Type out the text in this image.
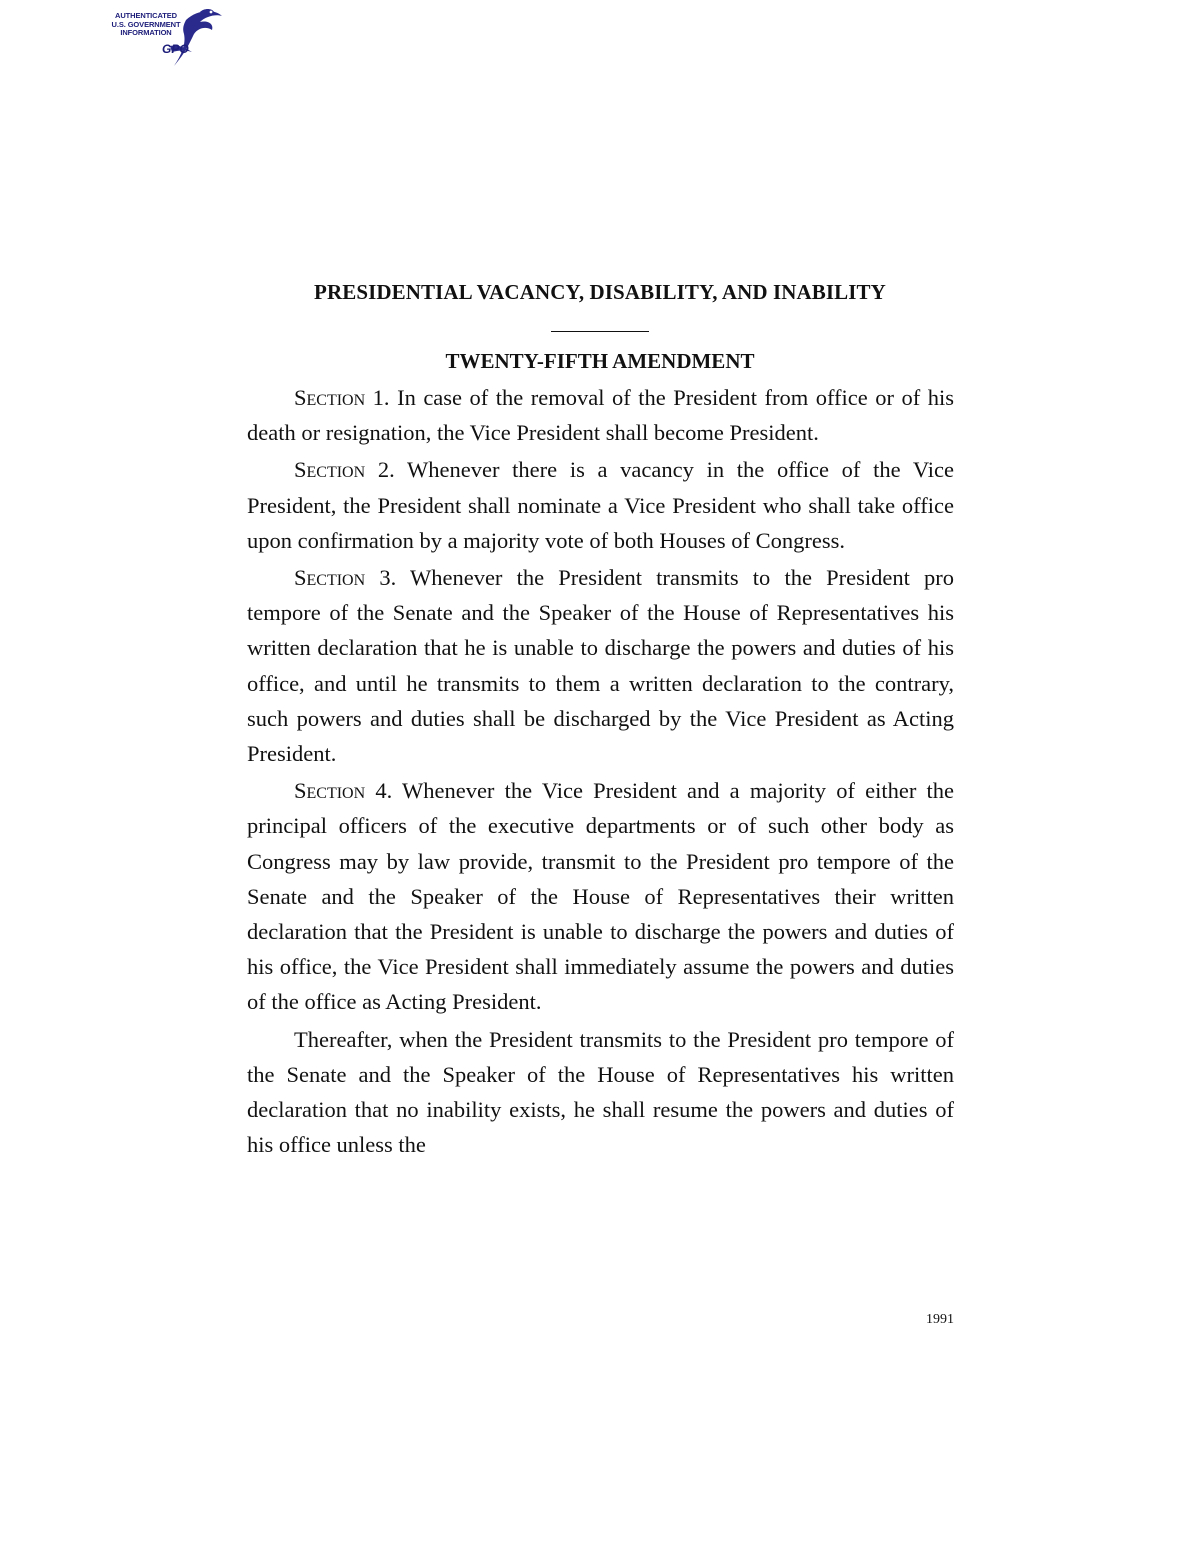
AUTHENTICATED
U.S. GOVERNMENT
INFORMATION
GPO
PRESIDENTIAL VACANCY, DISABILITY, AND INABILITY
TWENTY-FIFTH AMENDMENT

Section 1. In case of the removal of the President from office or of his death or resignation, the Vice President shall become President.

Section 2. Whenever there is a vacancy in the office of the Vice President, the President shall nominate a Vice President who shall take office upon confirmation by a majority vote of both Houses of Congress.

Section 3. Whenever the President transmits to the President pro tempore of the Senate and the Speaker of the House of Representatives his written declaration that he is unable to discharge the powers and duties of his office, and until he transmits to them a written declaration to the contrary, such powers and duties shall be discharged by the Vice President as Acting President.

Section 4. Whenever the Vice President and a majority of either the principal officers of the executive departments or of such other body as Congress may by law provide, transmit to the President pro tempore of the Senate and the Speaker of the House of Representatives their written declaration that the President is unable to discharge the powers and duties of his office, the Vice President shall immediately assume the powers and duties of the office as Acting President.

Thereafter, when the President transmits to the President pro tempore of the Senate and the Speaker of the House of Representatives his written declaration that no inability exists, he shall resume the powers and duties of his office unless the

1991
